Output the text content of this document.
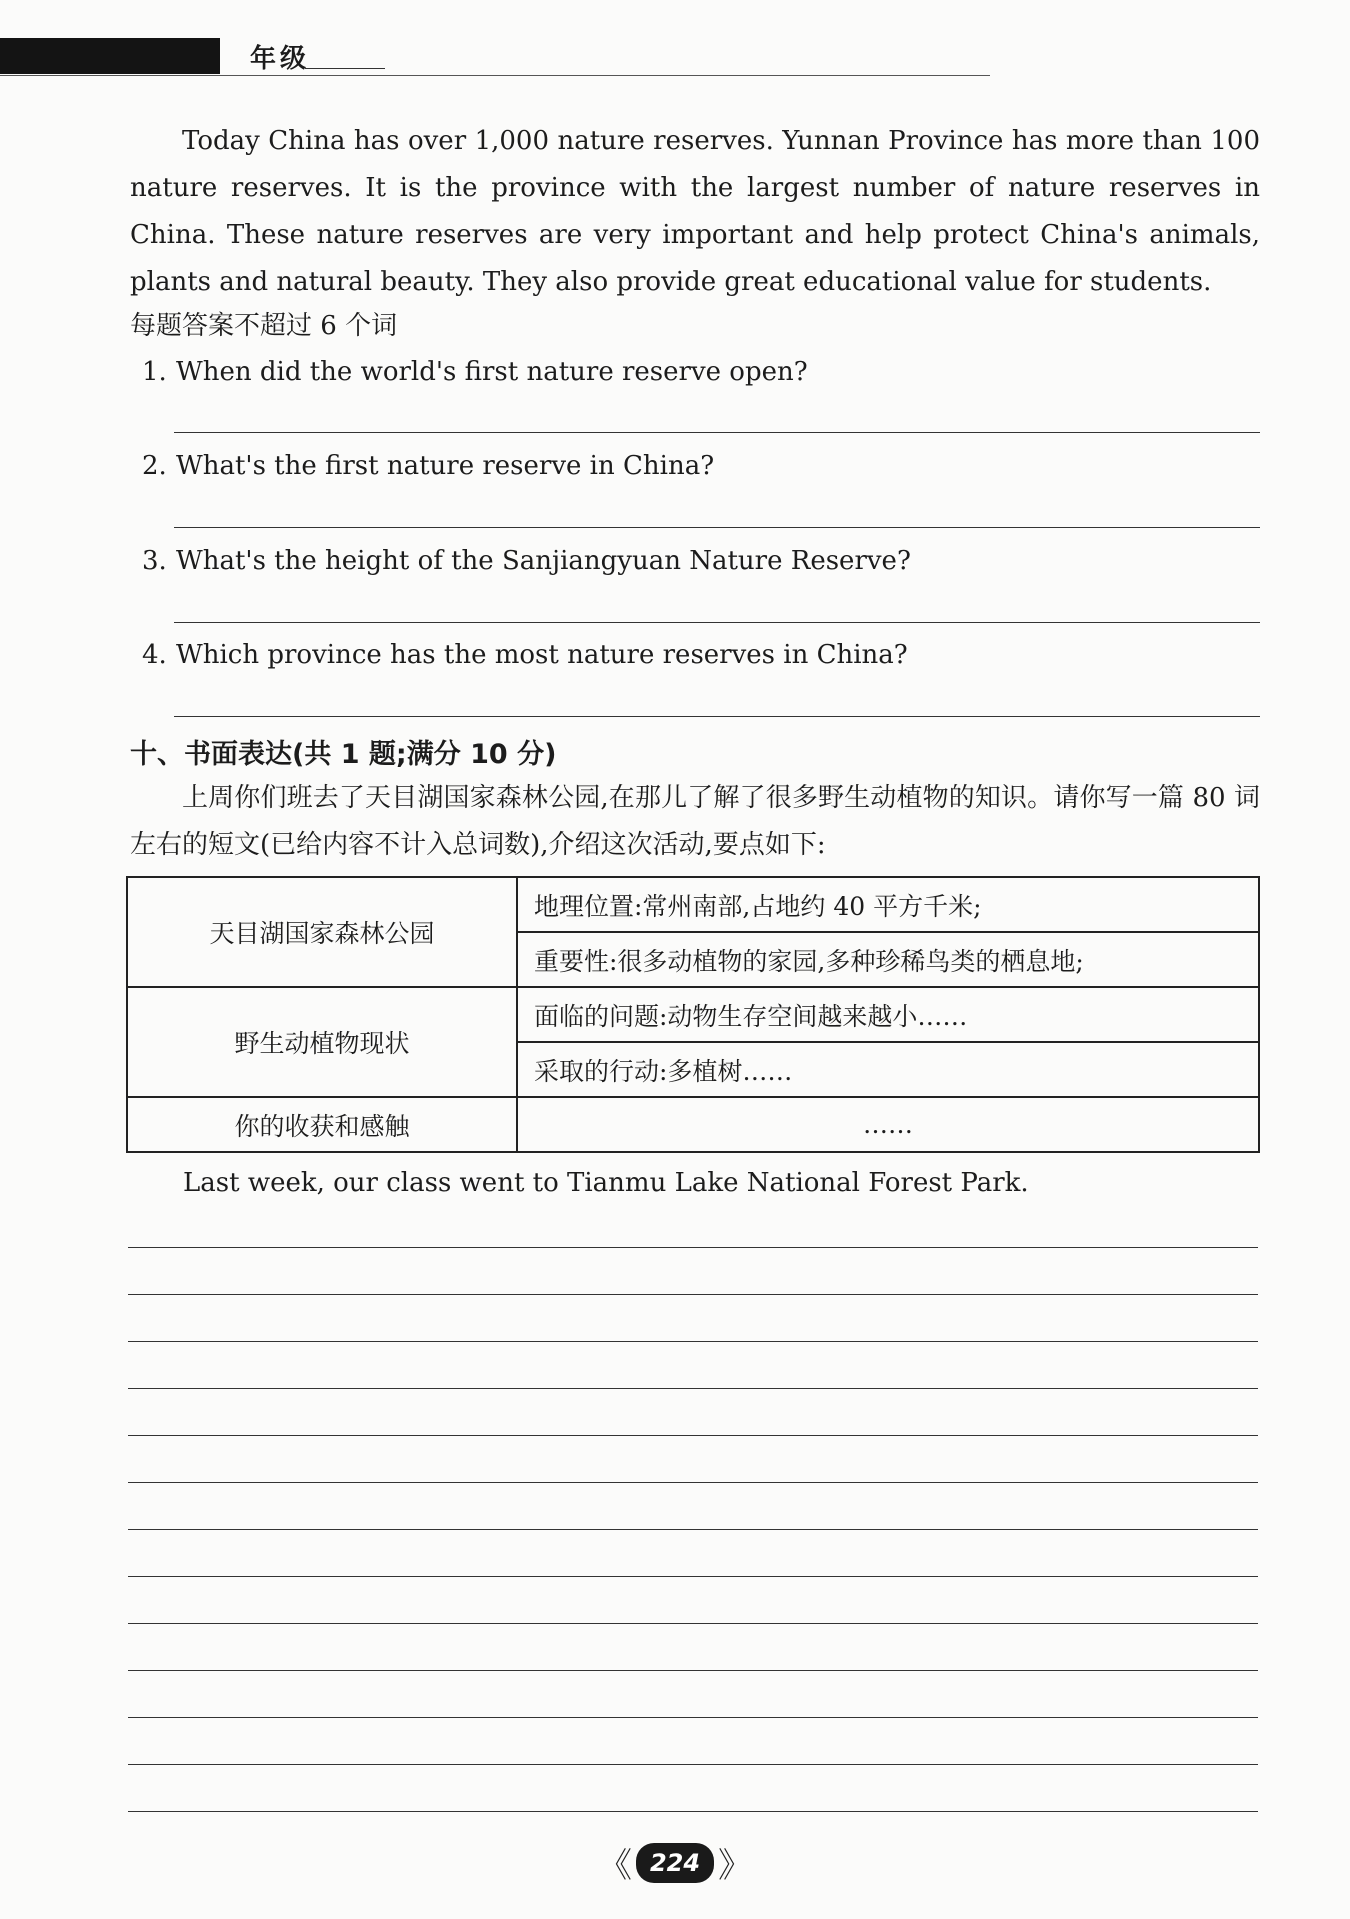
年级

Today China has over 1,000 nature reserves. Yunnan Province has more than 100 nature reserves. It is the province with the largest number of nature reserves in China. These nature reserves are very important and help protect China's animals, plants and natural beauty. They also provide great educational value for students.

每题答案不超过 6 个词
1. When did the world's first nature reserve open?
2. What's the first nature reserve in China?
3. What's the height of the Sanjiangyuan Nature Reserve?
4. Which province has the most nature reserves in China?
十、书面表达(共 1 题;满分 10 分)

上周你们班去了天目湖国家森林公园,在那儿了解了很多野生动植物的知识。请你写一篇 80 词左右的短文(已给内容不计入总词数),介绍这次活动,要点如下:

天目湖国家森林公园	地理位置:常州南部,占地约 40 平方千米;
	重要性:很多动植物的家园,多种珍稀鸟类的栖息地;
野生动植物现状	面临的问题:动物生存空间越来越小……
	采取的行动:多植树……
你的收获和感触	……
Last week, our class went to Tianmu Lake National Forest Park.
《 224 》
